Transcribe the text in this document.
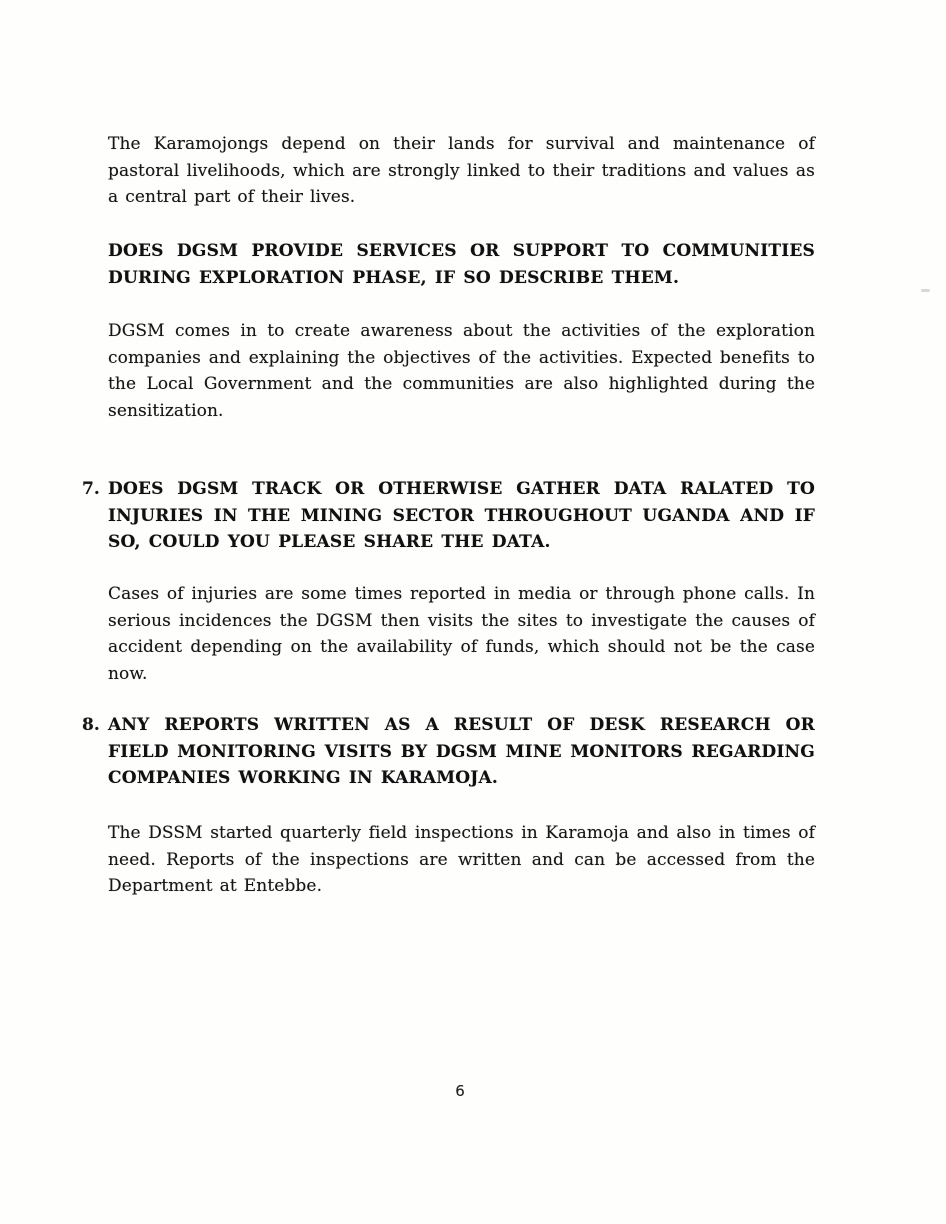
The Karamojongs depend on their lands for survival and maintenance of pastoral livelihoods, which are strongly linked to their traditions and values as a central part of their lives.

DOES DGSM PROVIDE SERVICES OR SUPPORT TO COMMUNITIES DURING EXPLORATION PHASE, IF SO DESCRIBE THEM.

DGSM comes in to create awareness about the activities of the exploration companies and explaining the objectives of the activities. Expected benefits to the Local Government and the communities are also highlighted during the sensitization.

7. DOES DGSM TRACK OR OTHERWISE GATHER DATA RALATED TO INJURIES IN THE MINING SECTOR THROUGHOUT UGANDA AND IF SO, COULD YOU PLEASE SHARE THE DATA.

Cases of injuries are some times reported in media or through phone calls. In serious incidences the DGSM then visits the sites to investigate the causes of accident depending on the availability of funds, which should not be the case now.

8. ANY REPORTS WRITTEN AS A RESULT OF DESK RESEARCH OR FIELD MONITORING VISITS BY DGSM MINE MONITORS REGARDING COMPANIES WORKING IN KARAMOJA.

The DSSM started quarterly field inspections in Karamoja and also in times of need. Reports of the inspections are written and can be accessed from the Department at Entebbe.

6
